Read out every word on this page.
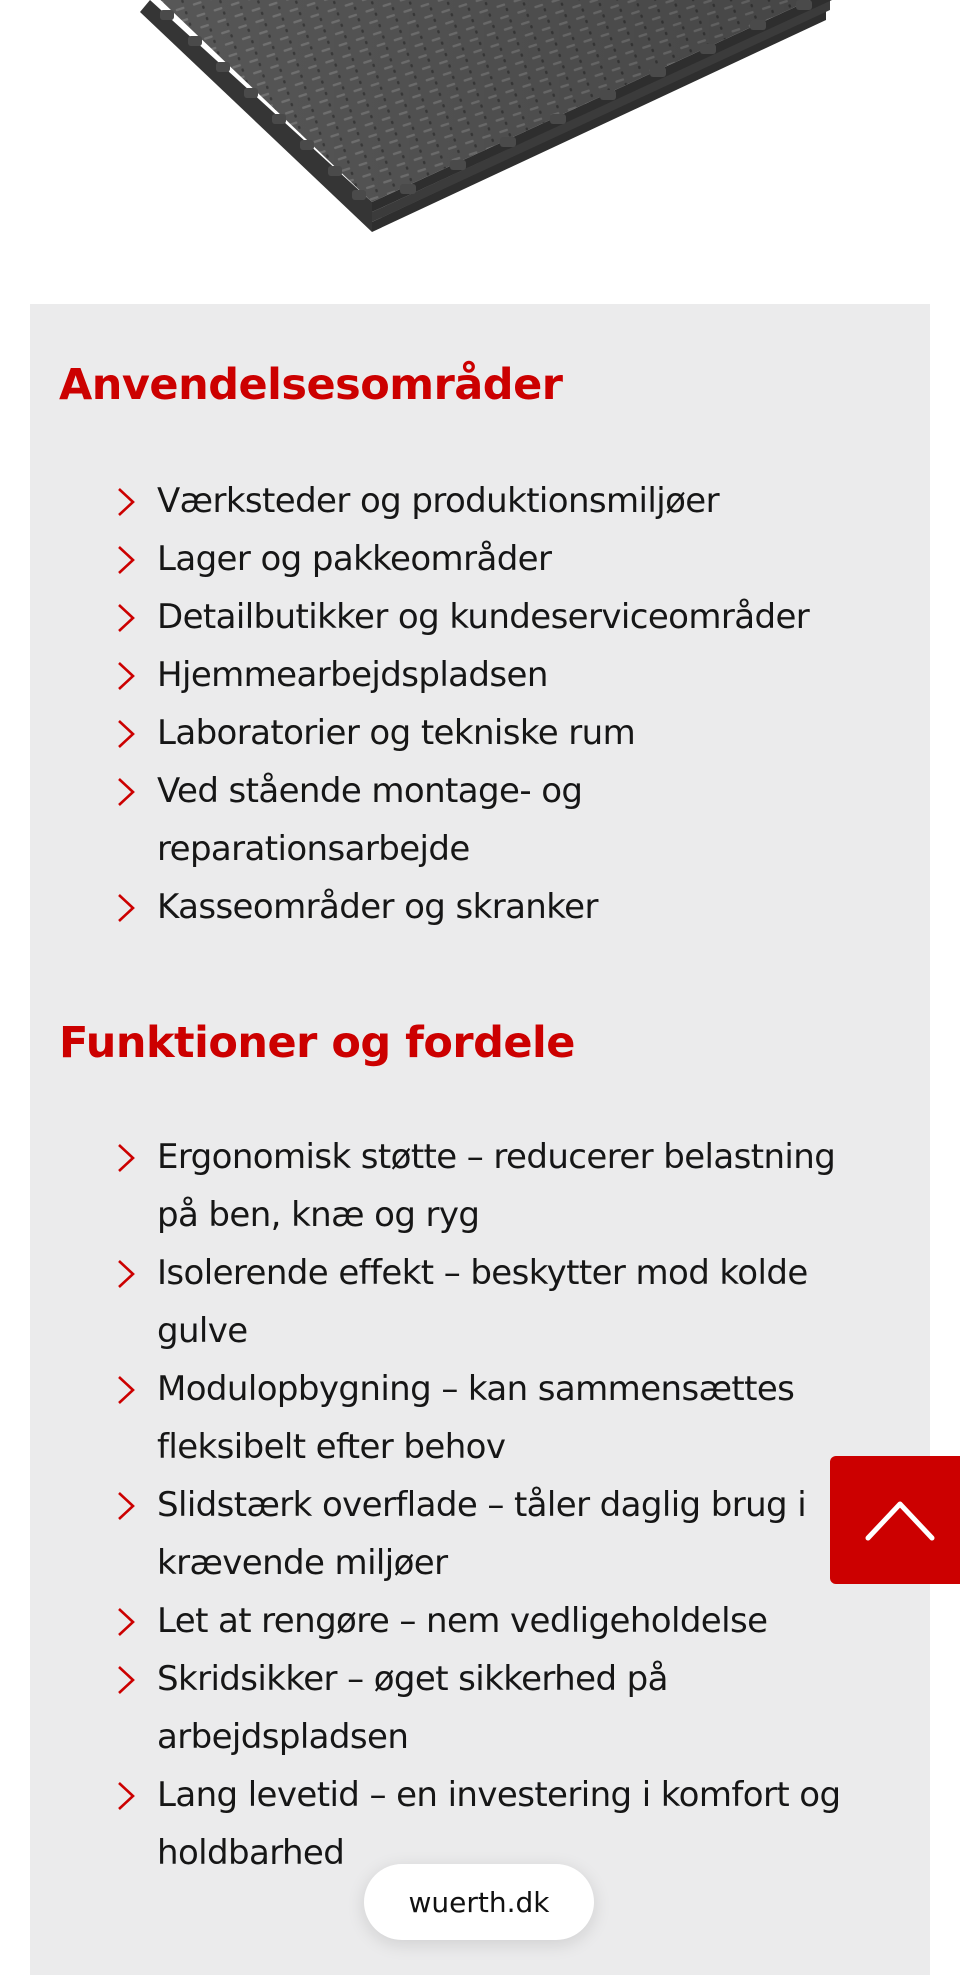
Anvendelsesområder
Værksteder og produktionsmiljøer
Lager og pakkeområder
Detailbutikker og kundeserviceområder
Hjemmearbejdspladsen
Laboratorier og tekniske rum
Ved stående montage- og reparationsarbejde
Kasseområder og skranker
Funktioner og fordele
Ergonomisk støtte – reducerer belastning på ben, knæ og ryg
Isolerende effekt – beskytter mod kolde gulve
Modulopbygning – kan sammensættes fleksibelt efter behov
Slidstærk overflade – tåler daglig brug i krævende miljøer
Let at rengøre – nem vedligeholdelse
Skridsikker – øget sikkerhed på arbejdspladsen
Lang levetid – en investering i komfort og holdbarhed
wuerth.dk
